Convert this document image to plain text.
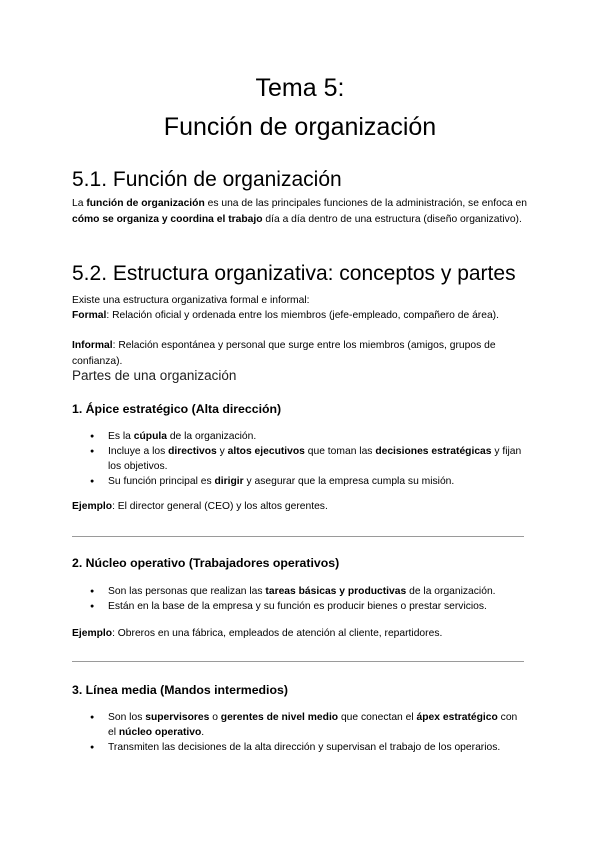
Tema 5:
Función de organización
5.1. Función de organización

La función de organización es una de las principales funciones de la administración, se enfoca en cómo se organiza y coordina el trabajo día a día dentro de una estructura (diseño organizativo).

5.2. Estructura organizativa: conceptos y partes

Existe una estructura organizativa formal e informal:

Formal: Relación oficial y ordenada entre los miembros (jefe-empleado, compañero de área).

Informal: Relación espontánea y personal que surge entre los miembros (amigos, grupos de confianza).

Partes de una organización
1. Ápice estratégico (Alta dirección)
● Es la cúpula de la organización.
● Incluye a los directivos y altos ejecutivos que toman las decisiones estratégicas y fijan los objetivos.
● Su función principal es dirigir y asegurar que la empresa cumpla su misión.

Ejemplo: El director general (CEO) y los altos gerentes.

2. Núcleo operativo (Trabajadores operativos)
● Son las personas que realizan las tareas básicas y productivas de la organización.
● Están en la base de la empresa y su función es producir bienes o prestar servicios.

Ejemplo: Obreros en una fábrica, empleados de atención al cliente, repartidores.

3. Línea media (Mandos intermedios)
● Son los supervisores o gerentes de nivel medio que conectan el ápex estratégico con el núcleo operativo.
● Transmiten las decisiones de la alta dirección y supervisan el trabajo de los operarios.
